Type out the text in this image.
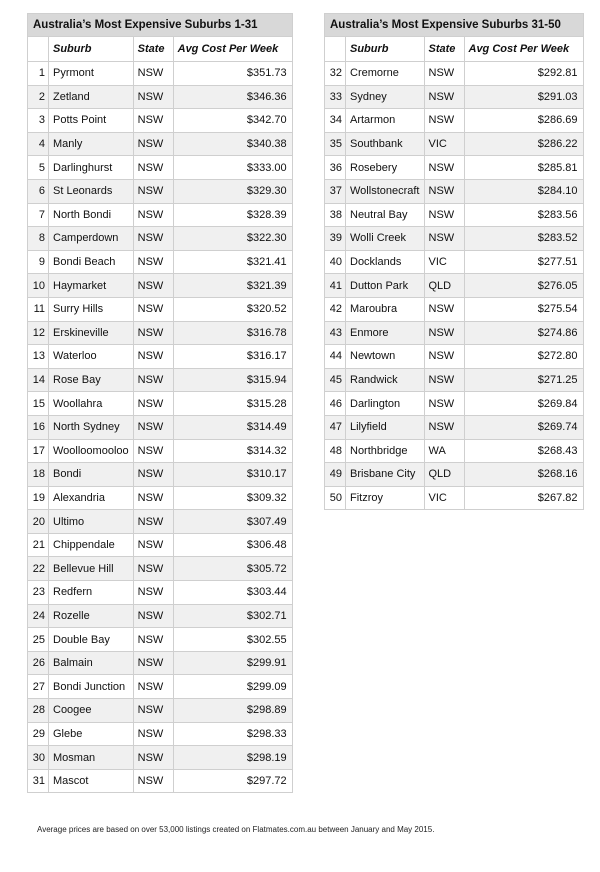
Australia’s Most Expensive Suburbs 1-31			
	Suburb	State	Avg Cost Per Week
1	Pyrmont	NSW	$351.73
2	Zetland	NSW	$346.36
3	Potts Point	NSW	$342.70
4	Manly	NSW	$340.38
5	Darlinghurst	NSW	$333.00
6	St Leonards	NSW	$329.30
7	North Bondi	NSW	$328.39
8	Camperdown	NSW	$322.30
9	Bondi Beach	NSW	$321.41
10	Haymarket	NSW	$321.39
11	Surry Hills	NSW	$320.52
12	Erskineville	NSW	$316.78
13	Waterloo	NSW	$316.17
14	Rose Bay	NSW	$315.94
15	Woollahra	NSW	$315.28
16	North Sydney	NSW	$314.49
17	Woolloomooloo	NSW	$314.32
18	Bondi	NSW	$310.17
19	Alexandria	NSW	$309.32
20	Ultimo	NSW	$307.49
21	Chippendale	NSW	$306.48
22	Bellevue Hill	NSW	$305.72
23	Redfern	NSW	$303.44
24	Rozelle	NSW	$302.71
25	Double Bay	NSW	$302.55
26	Balmain	NSW	$299.91
27	Bondi Junction	NSW	$299.09
28	Coogee	NSW	$298.89
29	Glebe	NSW	$298.33
30	Mosman	NSW	$298.19
31	Mascot	NSW	$297.72
Australia’s Most Expensive Suburbs 31-50			
	Suburb	State	Avg Cost Per Week
32	Cremorne	NSW	$292.81
33	Sydney	NSW	$291.03
34	Artarmon	NSW	$286.69
35	Southbank	VIC	$286.22
36	Rosebery	NSW	$285.81
37	Wollstonecraft	NSW	$284.10
38	Neutral Bay	NSW	$283.56
39	Wolli Creek	NSW	$283.52
40	Docklands	VIC	$277.51
41	Dutton Park	QLD	$276.05
42	Maroubra	NSW	$275.54
43	Enmore	NSW	$274.86
44	Newtown	NSW	$272.80
45	Randwick	NSW	$271.25
46	Darlington	NSW	$269.84
47	Lilyfield	NSW	$269.74
48	Northbridge	WA	$268.43
49	Brisbane City	QLD	$268.16
50	Fitzroy	VIC	$267.82
Average prices are based on over 53,000 listings created on Flatmates.com.au between January and May 2015.
